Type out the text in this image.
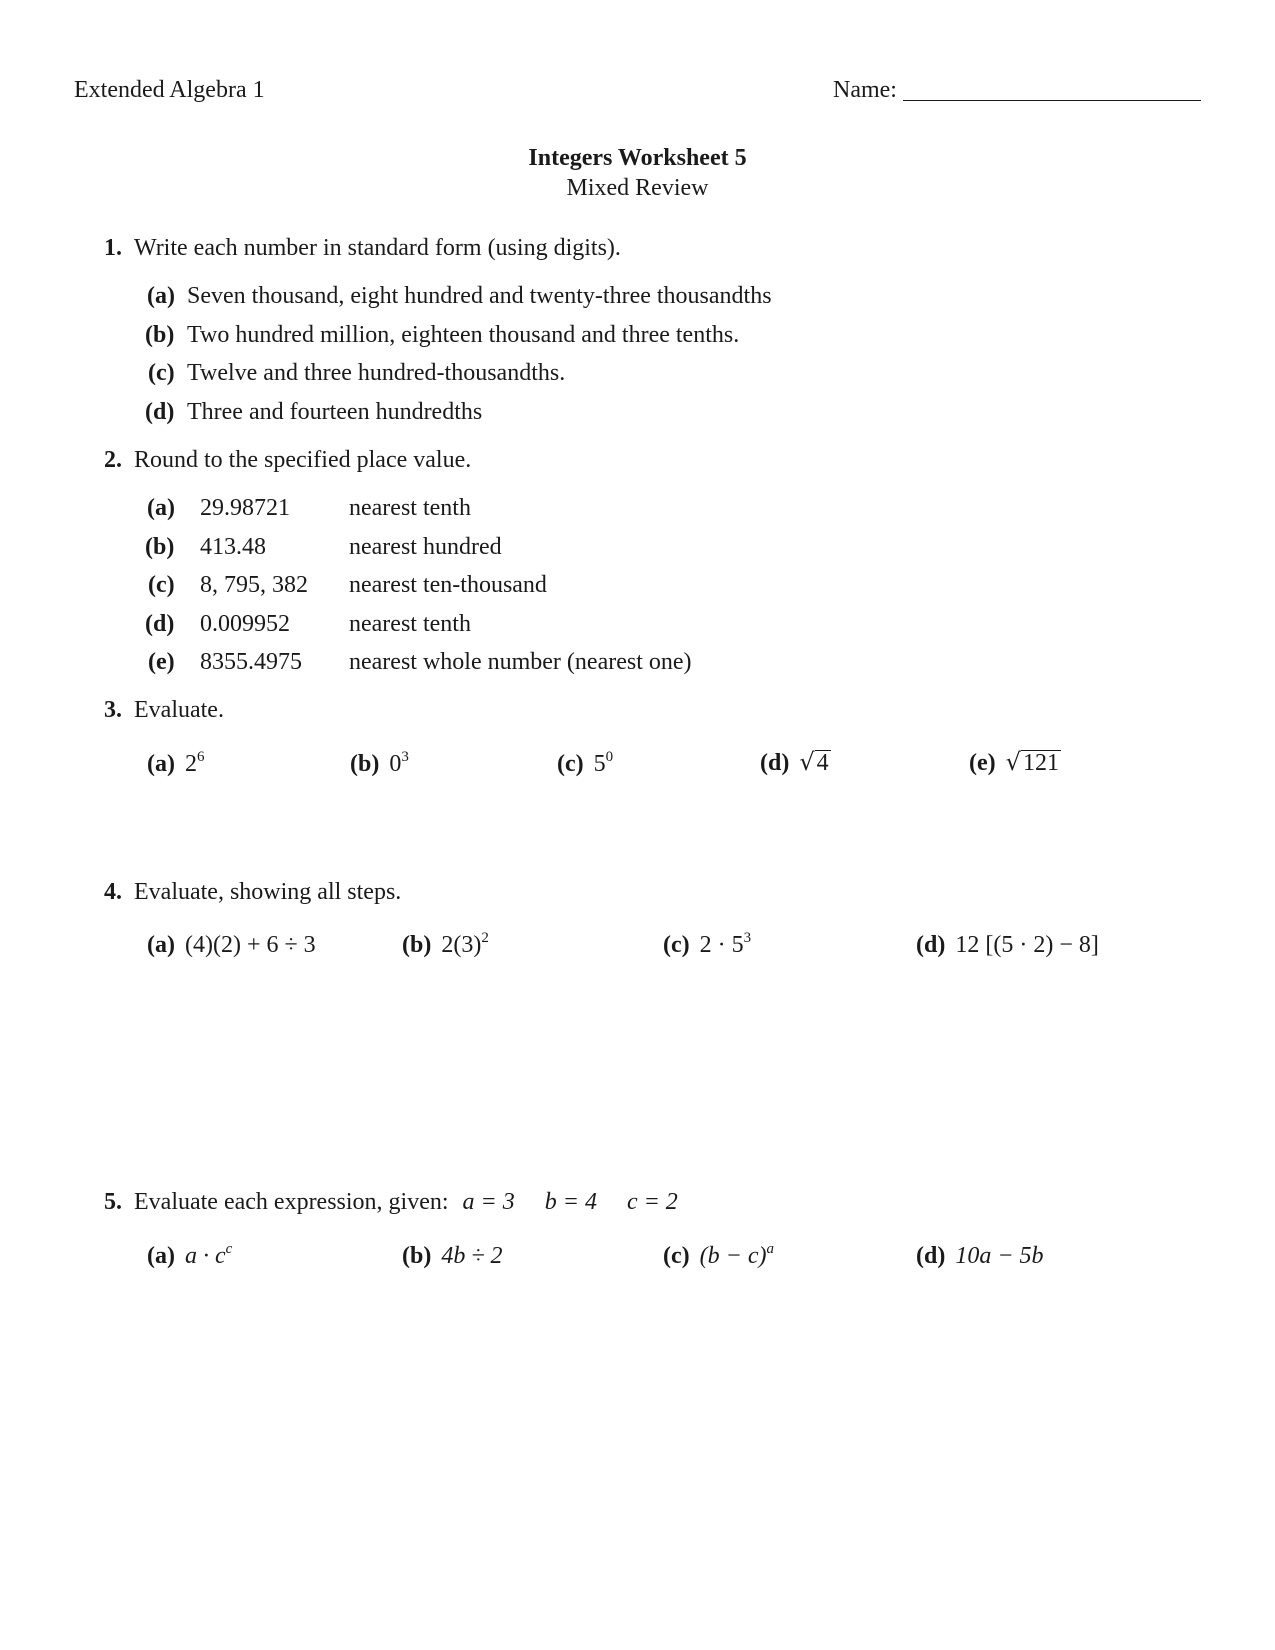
Extended Algebra 1	Name:
Integers Worksheet 5
Mixed Review
1. Write each number in standard form (using digits).
(a) Seven thousand, eight hundred and twenty-three thousandths
(b) Two hundred million, eighteen thousand and three tenths.
(c) Twelve and three hundred-thousandths.
(d) Three and fourteen hundredths
2. Round to the specified place value.
(a) 29.98721 nearest tenth
(b) 413.48	nearest hundred
(c) 8, 795, 382 nearest ten-thousand
(d) 0.009952 nearest tenth
(e) 8355.4975 nearest whole number (nearest one)
3. Evaluate.
(a) $2^6$	(b) $0^3$	(c) $5^0$	(d) √4	(e) √121
4. Evaluate, showing all steps.
(a) (4)(2) + 6 ÷ 3	(b) $2(3)^2$	(c) $2 \cdot 5^3$	(d) 12 [(5 · 2) − 8]
5. Evaluate each expression, given: a = 3 b = 4 c = 2
(a) $a \cdot c^c$	(b) 4b ÷ 2	(c) $(b - c)^a$	(d) 10a − 5b
